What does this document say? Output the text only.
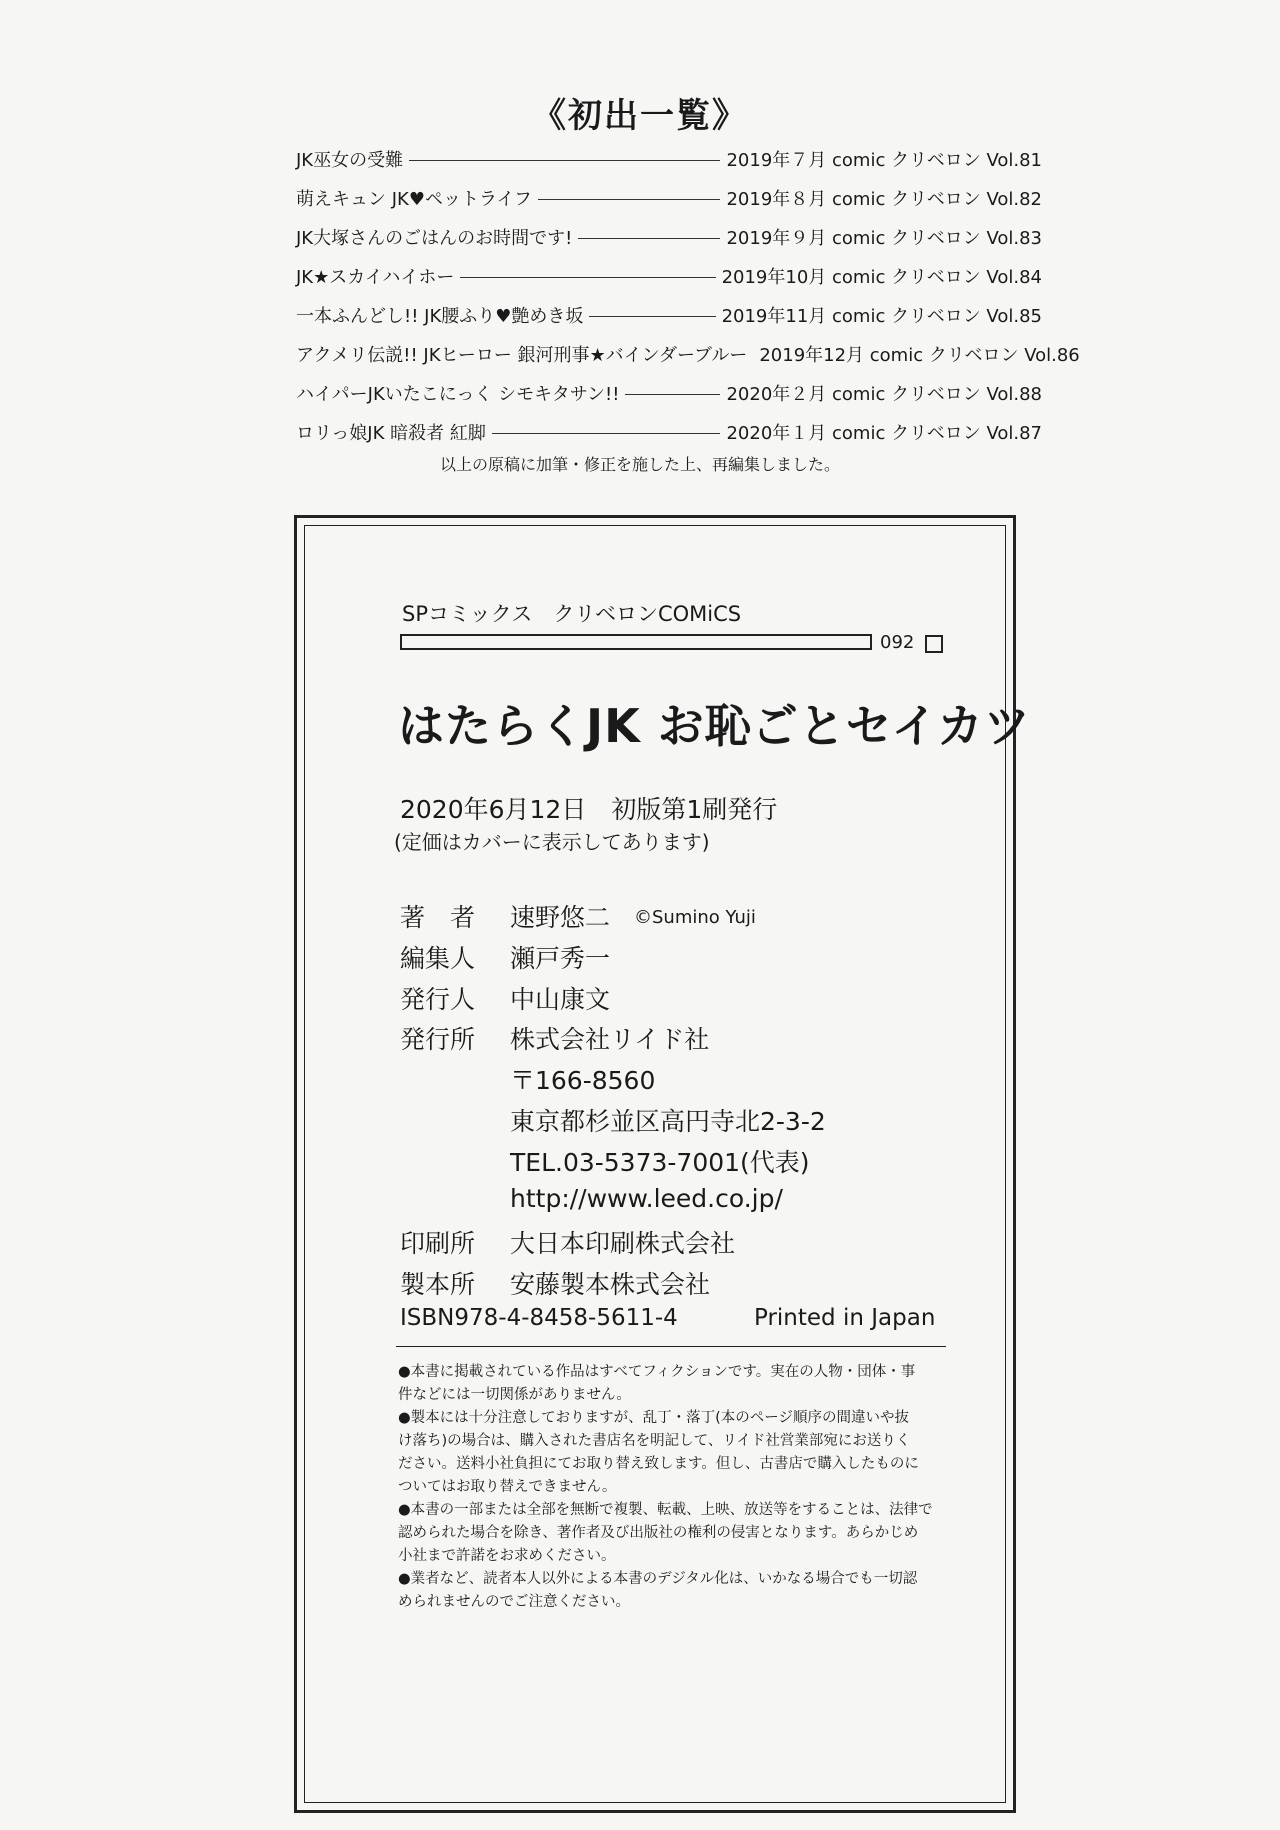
《初出一覧》
JK巫女の受難	2019年７月 comic クリベロン Vol.81
萌えキュン JK♥ペットライフ	2019年８月 comic クリベロン Vol.82
JK大塚さんのごはんのお時間です!	2019年９月 comic クリベロン Vol.83
JK★スカイハイホー	2019年10月 comic クリベロン Vol.84
一本ふんどし!! JK腰ふり♥艶めき坂	2019年11月 comic クリベロン Vol.85
アクメリ伝説!! JKヒーロー 銀河刑事★バインダーブルー 2019年12月 comic クリベロン Vol.86
ハイパーJKいたこにっく シモキタサン!!	2020年２月 comic クリベロン Vol.88
ロリっ娘JK 暗殺者 紅脚	2020年１月 comic クリベロン Vol.87
以上の原稿に加筆・修正を施した上、再編集しました。
SPコミックス　クリベロンCOMiCS
092
はたらくJK お恥ごとセイカツ
2020年6月12日　初版第1刷発行
(定価はカバーに表示してあります)
著　者 速野悠二 ©Sumino Yuji
編集人 瀬戸秀一
発行人 中山康文
発行所 株式会社リイド社
〒166-8560
東京都杉並区高円寺北2-3-2
TEL.03-5373-7001(代表)
http://www.leed.co.jp/
印刷所 大日本印刷株式会社
製本所 安藤製本株式会社
ISBN978-4-8458-5611-4	Printed in Japan

●本書に掲載されている作品はすべてフィクションです。実在の人物・団体・事

件などには一切関係がありません。

●製本には十分注意しておりますが、乱丁・落丁(本のページ順序の間違いや抜

け落ち)の場合は、購入された書店名を明記して、リイド社営業部宛にお送りく

ださい。送料小社負担にてお取り替え致します。但し、古書店で購入したものに

ついてはお取り替えできません。

●本書の一部または全部を無断で複製、転載、上映、放送等をすることは、法律で

認められた場合を除き、著作者及び出版社の権利の侵害となります。あらかじめ

小社まで許諾をお求めください。

●業者など、読者本人以外による本書のデジタル化は、いかなる場合でも一切認

められませんのでご注意ください。
